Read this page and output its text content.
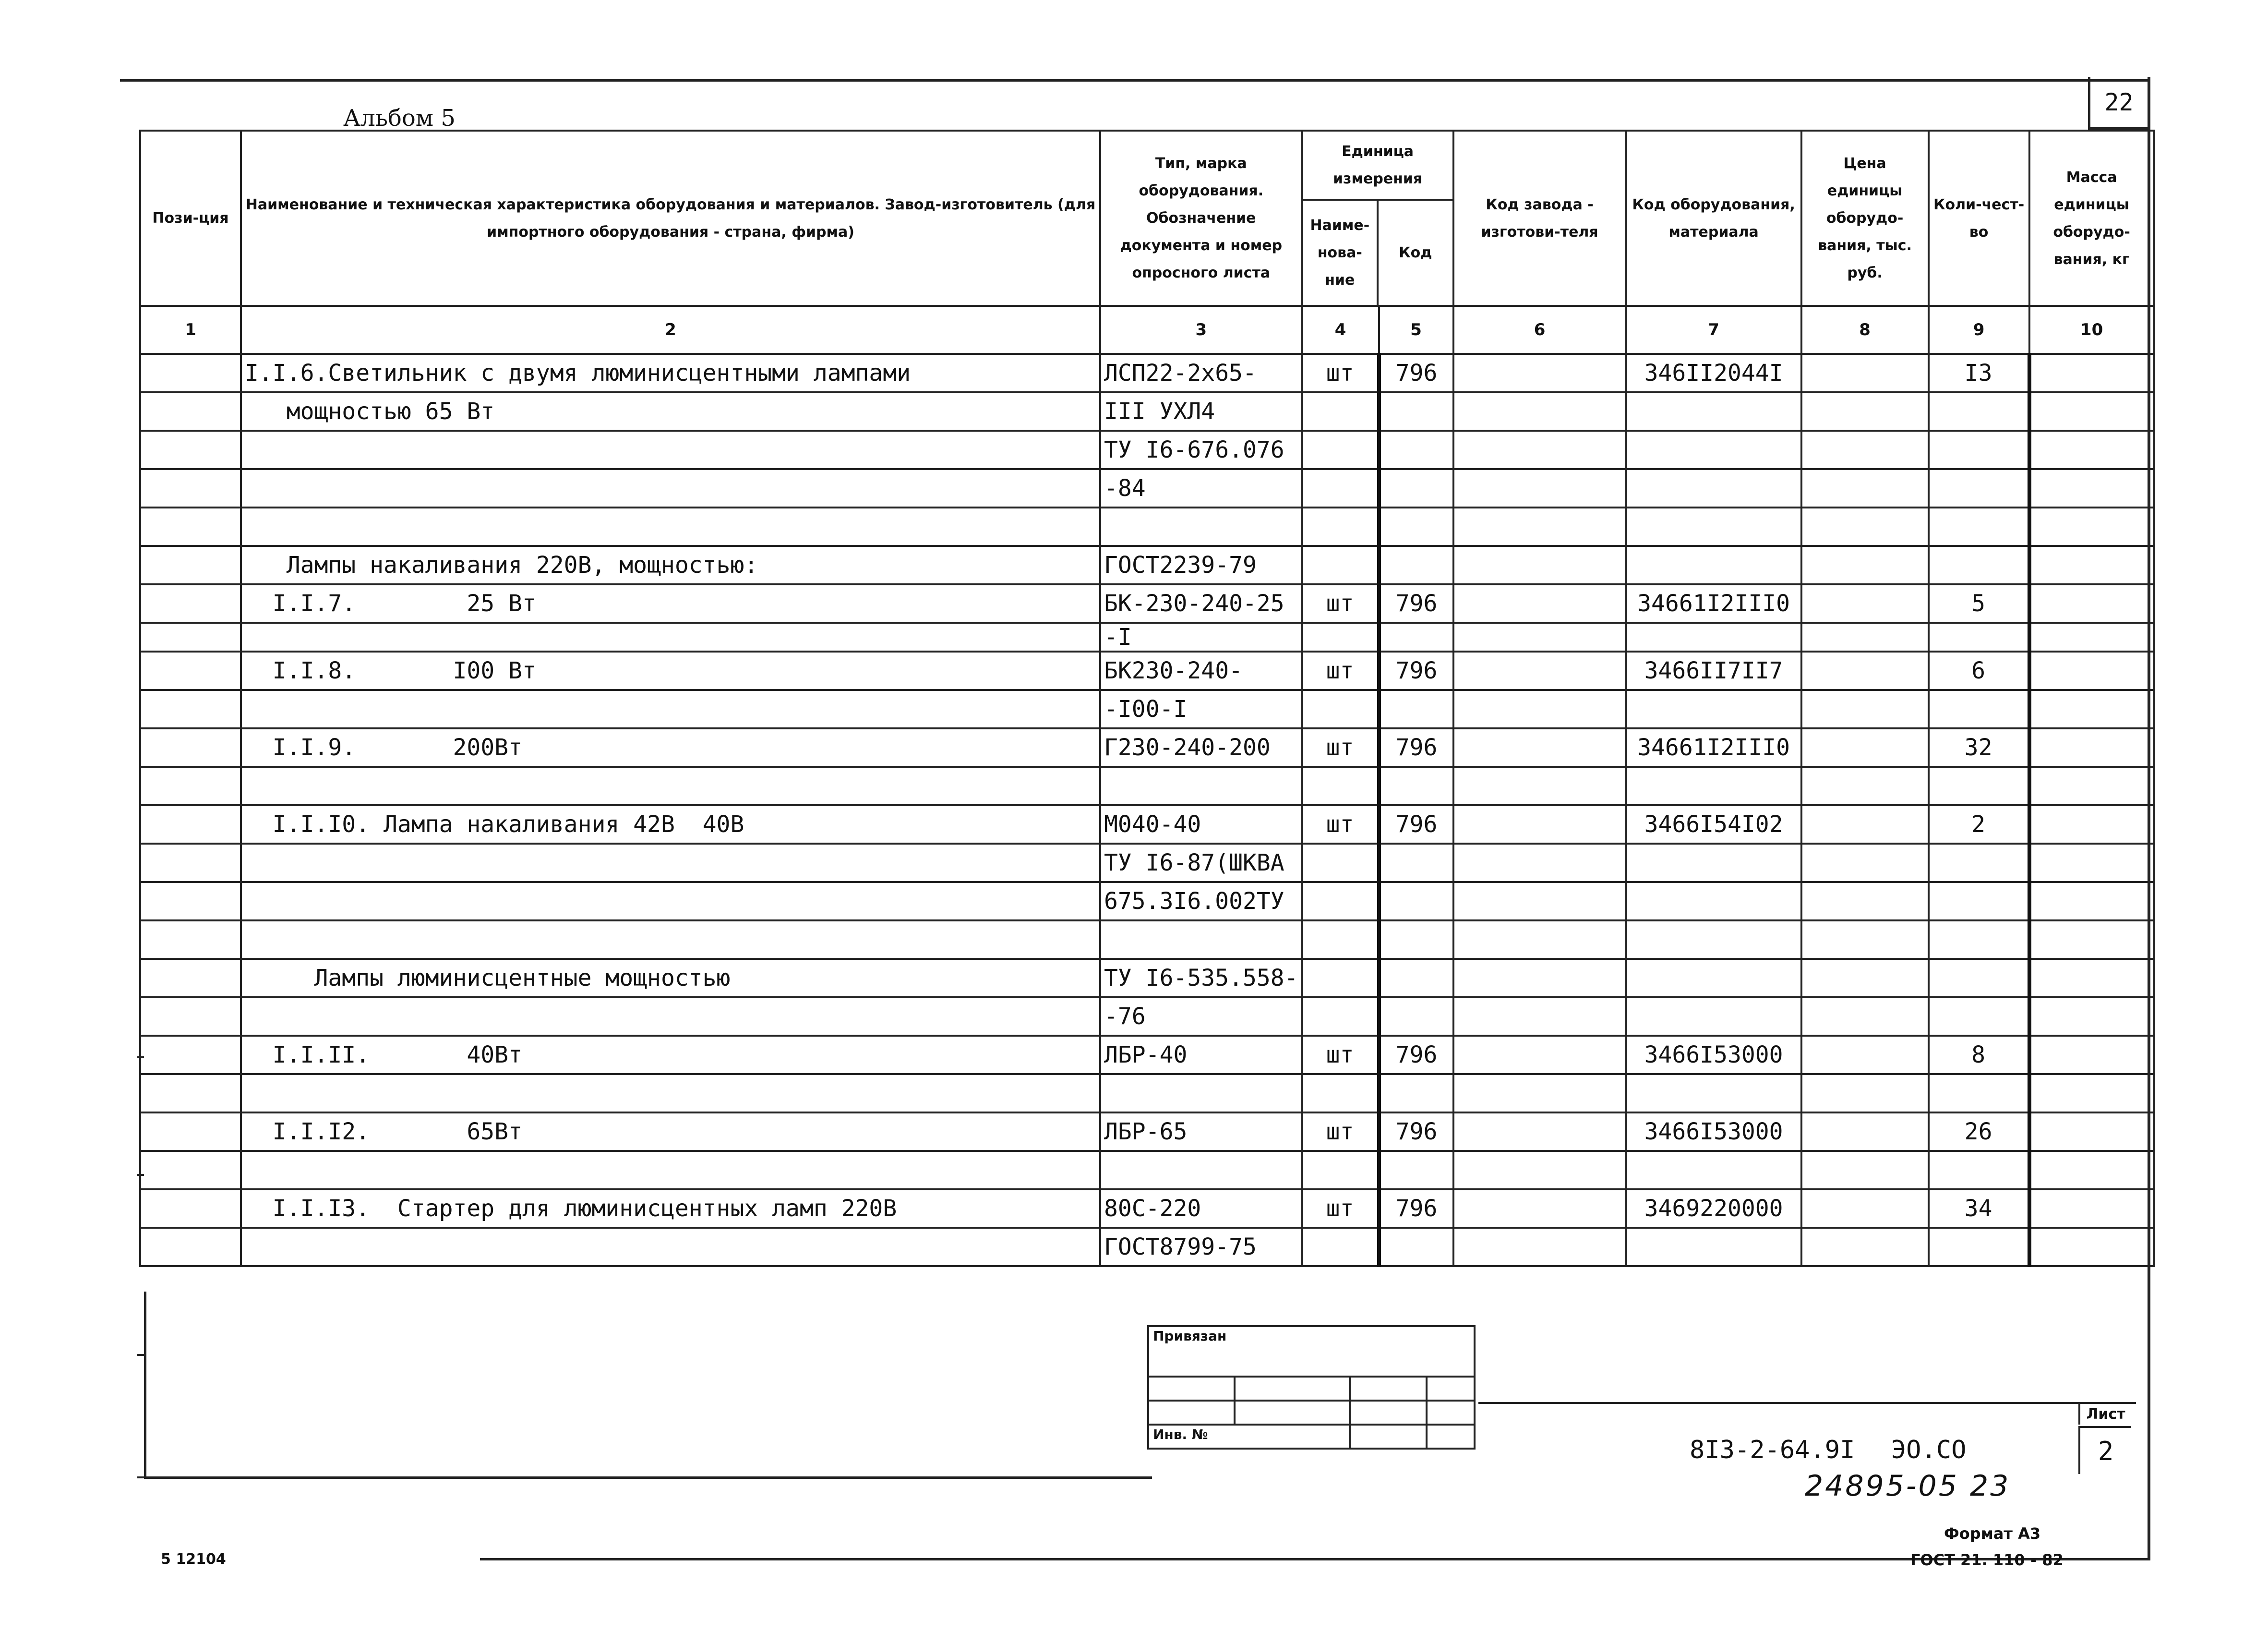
22
Альбом 5
Пози-ция	Наименование и техническая характеристика оборудования и материалов. Завод-изготовитель (для импортного оборудования - страна, фирма)	Тип, марка оборудования. Обозначение документа и номер опросного листа	Единица измерения
Наиме-нова-ние
Код		Код завода - изготови-теля	Код оборудования, материала	Цена единицы оборудо-вания, тыс. руб.	Коли-чест-во	Масса единицы оборудо-вания, кг
1	2	3	4	5	6	7	8	9	10
	I.I.6.Светильник с двумя люминисцентными лампами	ЛСП22-2х65-	шт	796		346II2044I		I3	
	мощностью 65 Вт	III УХЛ4							
		ТУ I6-676.076							
		-84							

	Лампы накаливания 220В, мощностью:	ГОСТ2239-79							
	I.I.7.        25 Вт	БК-230-240-25	шт	796		34661I2III0		5	
		-I							
	I.I.8.       I00 Вт	БК230-240-	шт	796		3466II7II7		6	
		-I00-I							
	I.I.9.       200Вт	Г230-240-200	шт	796		34661I2III0		32	

	I.I.I0. Лампа накаливания 42В  40В	М040-40	шт	796		3466I54I02		2	
		ТУ I6-87(ШКВА							
		675.3I6.002ТУ							

	Лампы люминисцентные мощностью	ТУ I6-535.558-							
		-76							
	I.I.II.       40Вт	ЛБР-40	шт	796		3466I53000		8	

	I.I.I2.       65Вт	ЛБР-65	шт	796		3466I53000		26	

	I.I.I3.  Стартер для люминисцентных ламп 220В	80С-220	шт	796		3469220000		34	
		ГОСТ8799-75							
Привязан			

Инв. №			
8I3-2-64.9I ЭО.СО
Лист
2
24895-05 23
Формат А3
ГОСТ 21. 110 - 82
5 12104
